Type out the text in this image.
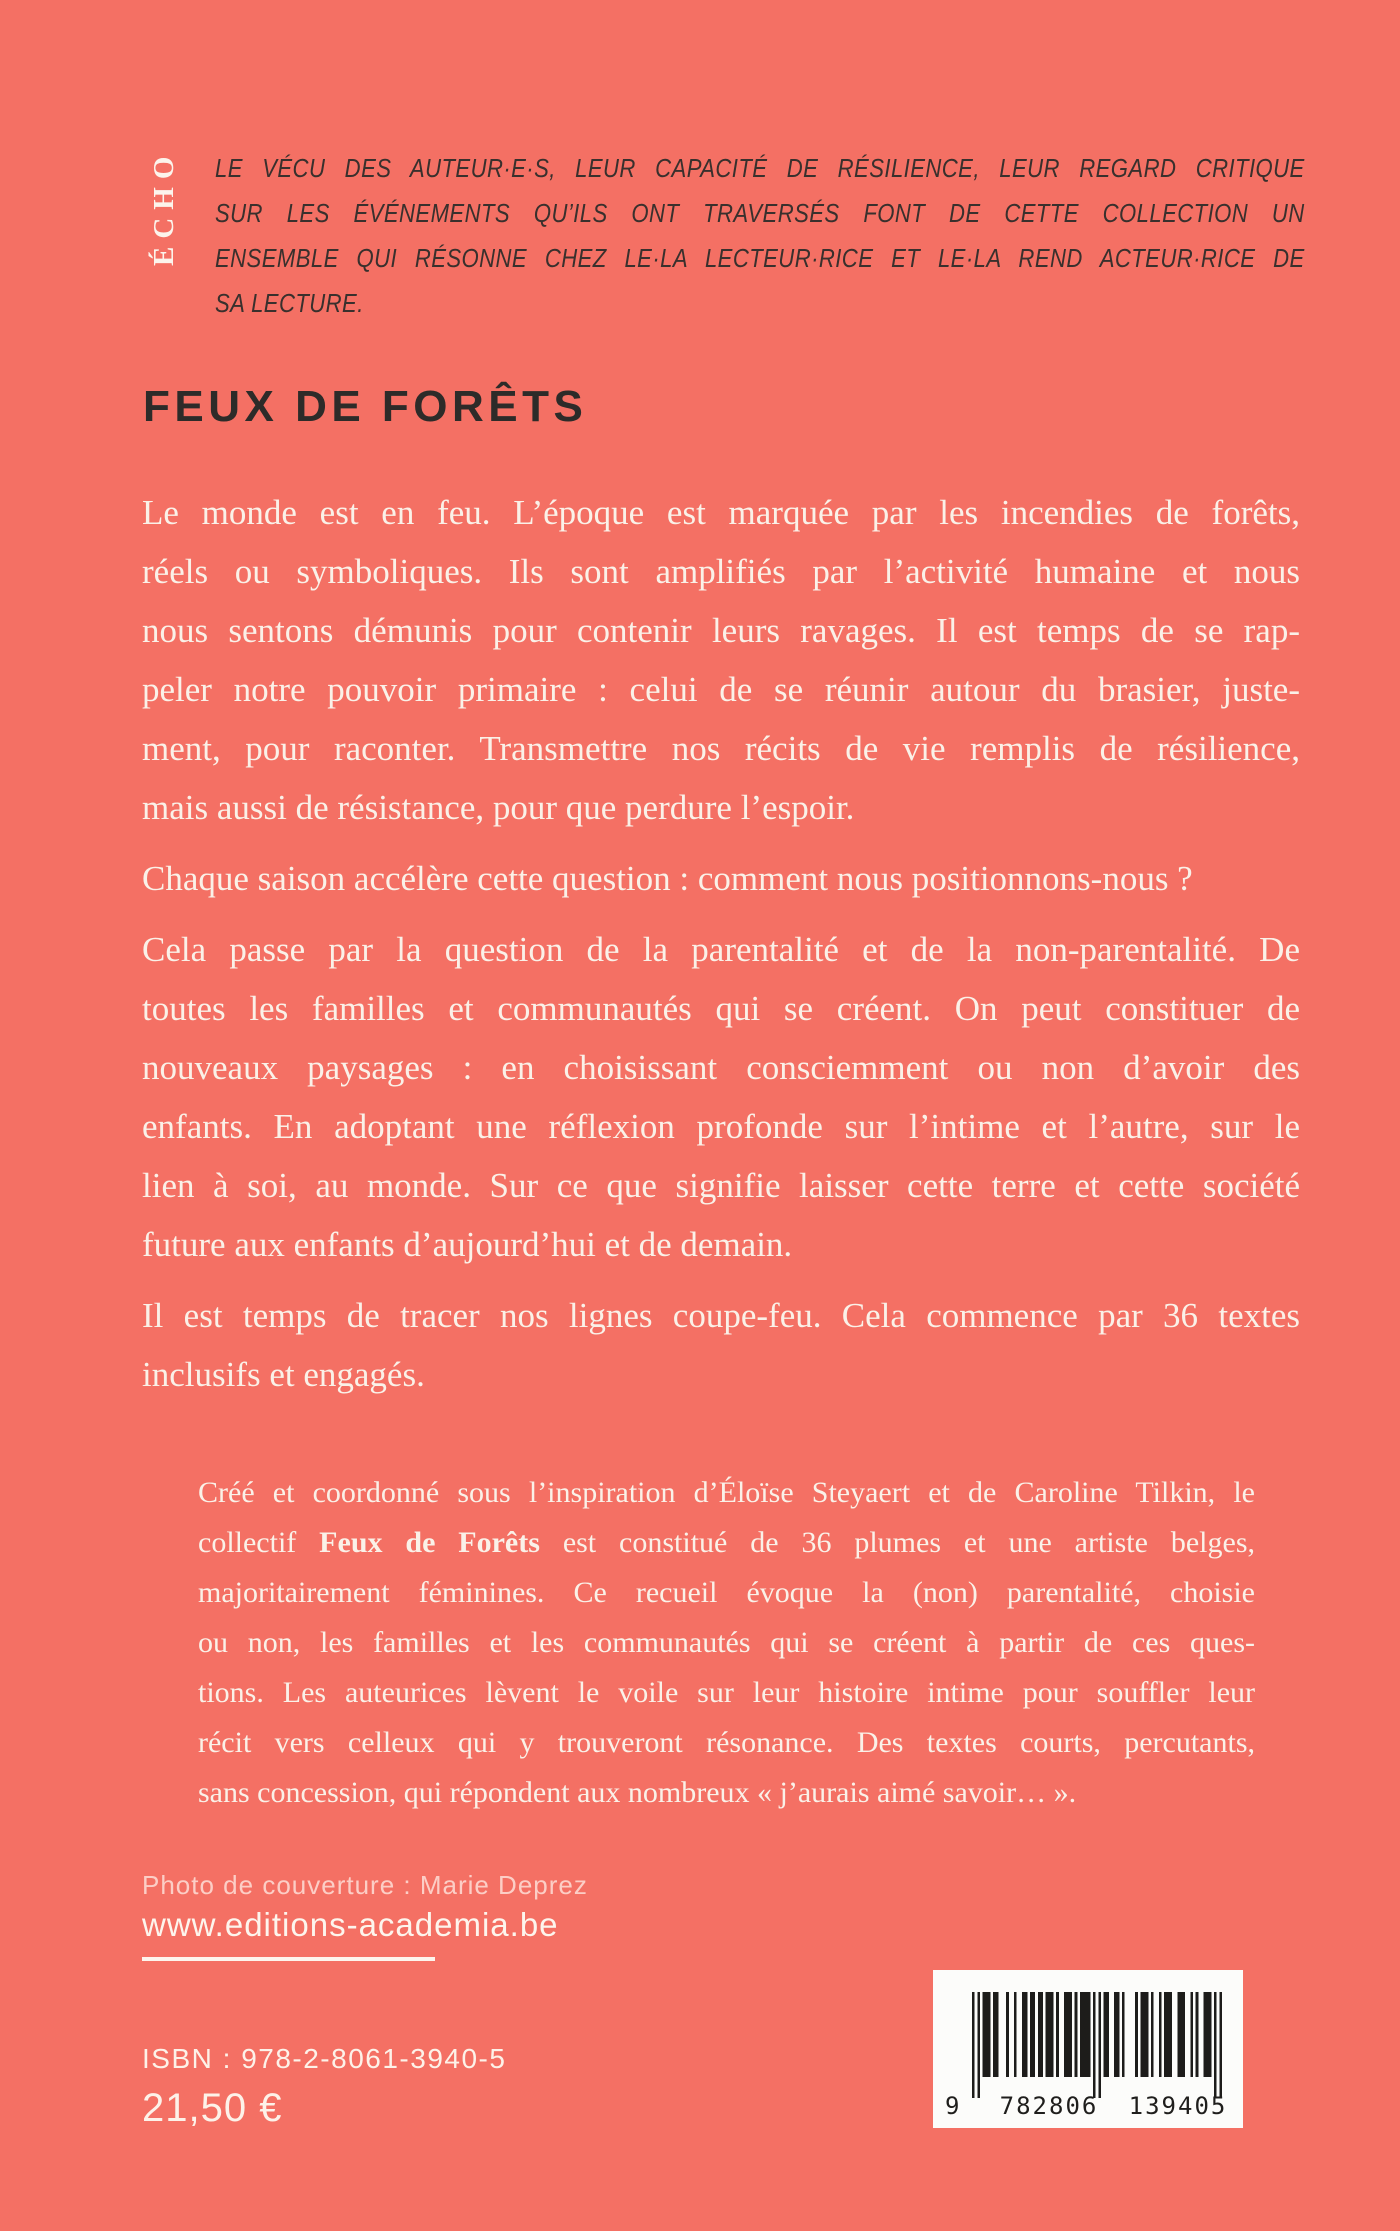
ÉCHO LE VÉCU DES AUTEUR·E·S, LEUR CAPACITÉ DE RÉSILIENCE, LEUR REGARD CRITIQUE
SUR LES ÉVÉNEMENTS QU’ILS ONT TRAVERSÉS FONT DE CETTE COLLECTION UN
ENSEMBLE QUI RÉSONNE CHEZ LE·LA LECTEUR·RICE ET LE·LA REND ACTEUR·RICE DE
SA LECTURE.
FEUX DE FORÊTS
Le monde est en feu. L’époque est marquée par les incendies de forêts,
réels ou symboliques. Ils sont amplifiés par l’activité humaine et nous
nous sentons démunis pour contenir leurs ravages. Il est temps de se rap-
peler notre pouvoir primaire : celui de se réunir autour du brasier, juste-
ment, pour raconter. Transmettre nos récits de vie remplis de résilience,
mais aussi de résistance, pour que perdure l’espoir.
Chaque saison accélère cette question : comment nous positionnons-nous ?
Cela passe par la question de la parentalité et de la non-parentalité. De
toutes les familles et communautés qui se créent. On peut constituer de
nouveaux paysages : en choisissant consciemment ou non d’avoir des
enfants. En adoptant une réflexion profonde sur l’intime et l’autre, sur le
lien à soi, au monde. Sur ce que signifie laisser cette terre et cette société
future aux enfants d’aujourd’hui et de demain.
Il est temps de tracer nos lignes coupe-feu. Cela commence par 36 textes
inclusifs et engagés.
Créé et coordonné sous l’inspiration d’Éloïse Steyaert et de Caroline Tilkin, le
collectif Feux de Forêts est constitué de 36 plumes et une artiste belges,
majoritairement féminines. Ce recueil évoque la (non) parentalité, choisie
ou non, les familles et les communautés qui se créent à partir de ces ques-
tions. Les auteurices lèvent le voile sur leur histoire intime pour souffler leur
récit vers celleux qui y trouveront résonance. Des textes courts, percutants,
sans concession, qui répondent aux nombreux « j’aurais aimé savoir… ».
Photo de couverture : Marie Deprez
www.editions-academia.be
ISBN : 978-2-8061-3940-5
21,50 €	9	782806	139405
